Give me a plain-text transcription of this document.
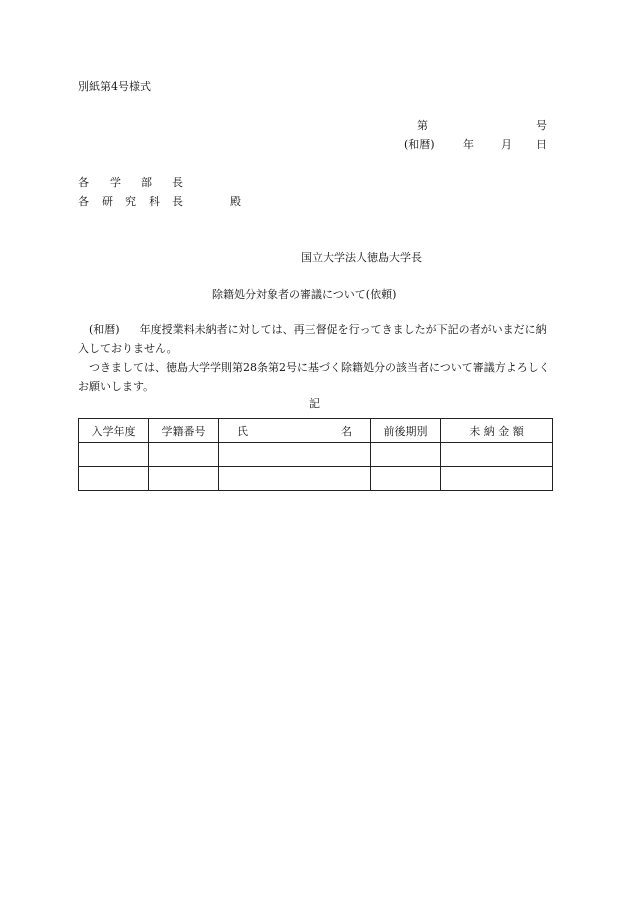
別紙第4号様式
第	号
(和暦)	年 月 日
各 学 部 長
各 研 究 科 長	殿
国立大学法人徳島大学長
除籍処分対象者の審議について(依頼)

(和暦) 年度授業料未納者に対しては、再三督促を行ってきましたが下記の者がいまだに納入しておりません。

つきましては、徳島大学学則第28条第2号に基づく除籍処分の該当者について審議方よろしくお願いします。

記
入学年度	学籍番号	氏 名	前後期別	未 納 金 額
